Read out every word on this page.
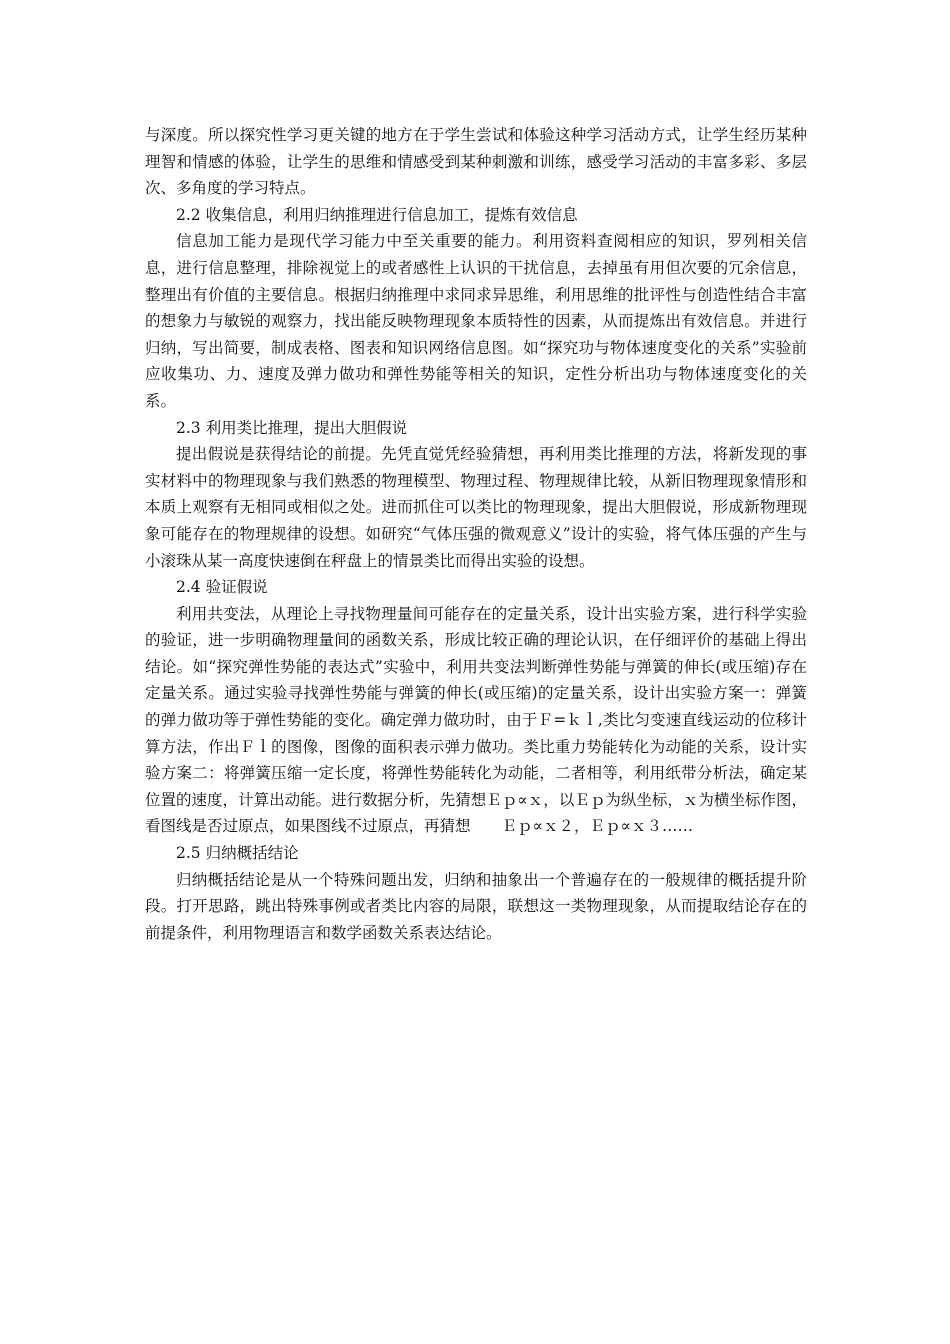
与深度。所以探究性学习更关键的地方在于学生尝试和体验这种学习活动方式，让学生经历某种理智和情感的体验，让学生的思维和情感受到某种刺激和训练，感受学习活动的丰富多彩、多层次、多角度的学习特点。

2.2 收集信息，利用归纳推理进行信息加工，提炼有效信息

信息加工能力是现代学习能力中至关重要的能力。利用资料查阅相应的知识，罗列相关信息，进行信息整理，排除视觉上的或者感性上认识的干扰信息，去掉虽有用但次要的冗余信息，整理出有价值的主要信息。根据归纳推理中求同求异思维，利用思维的批评性与创造性结合丰富的想象力与敏锐的观察力，找出能反映物理现象本质特性的因素，从而提炼出有效信息。并进行归纳，写出简要，制成表格、图表和知识网络信息图。如“探究功与物体速度变化的关系”实验前应收集功、力、速度及弹力做功和弹性势能等相关的知识，定性分析出功与物体速度变化的关系。

2.3 利用类比推理，提出大胆假说

提出假说是获得结论的前提。先凭直觉凭经验猜想，再利用类比推理的方法，将新发现的事实材料中的物理现象与我们熟悉的物理模型、物理过程、物理规律比较，从新旧物理现象情形和本质上观察有无相同或相似之处。进而抓住可以类比的物理现象，提出大胆假说，形成新物理现象可能存在的物理规律的设想。如研究“气体压强的微观意义”设计的实验，将气体压强的产生与小滚珠从某一高度快速倒在秤盘上的情景类比而得出实验的设想。

2.4 验证假说

利用共变法，从理论上寻找物理量间可能存在的定量关系，设计出实验方案，进行科学实验的验证，进一步明确物理量间的函数关系，形成比较正确的理论认识，在仔细评价的基础上得出结论。如“探究弹性势能的表达式”实验中，利用共变法判断弹性势能与弹簧的伸长(或压缩)存在定量关系。通过实验寻找弹性势能与弹簧的伸长(或压缩)的定量关系，设计出实验方案一：弹簧的弹力做功等于弹性势能的变化。确定弹力做功时，由于Ｆ=ｋｌ,类比匀变速直线运动的位移计算方法，作出Ｆｌ的图像，图像的面积表示弹力做功。类比重力势能转化为动能的关系，设计实验方案二：将弹簧压缩一定长度，将弹性势能转化为动能，二者相等，利用纸带分析法，确定某位置的速度，计算出动能。进行数据分析，先猜想Ｅｐ∝ｘ，以Ｅｐ为纵坐标，ｘ为横坐标作图，看图线是否过原点，如果图线不过原点，再猜想　　Ｅｐ∝ｘ２，Ｅｐ∝ｘ３……

2.5 归纳概括结论

归纳概括结论是从一个特殊问题出发，归纳和抽象出一个普遍存在的一般规律的概括提升阶段。打开思路，跳出特殊事例或者类比内容的局限，联想这一类物理现象，从而提取结论存在的前提条件，利用物理语言和数学函数关系表达结论。
